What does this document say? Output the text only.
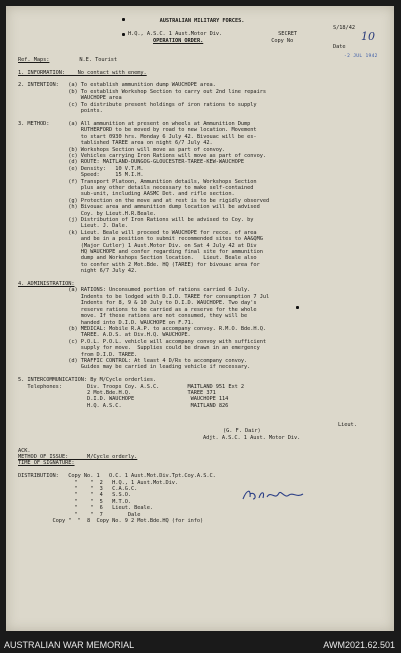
AUSTRALIAN MILITARY FORCES.
S/18/42
H.Q., A.S.C. 1 Aust.Motor Div.	SECRET
OPERATION ORDER.	Copy No
Date

Ref. Maps:	N.E. Tourist

1. INFORMATION:    No contact with enemy.

2. INTENTION:   (a) To establish ammunition dump WAUCHOPE area.
(b) To establish Workshop Section to carry out 2nd line repairs
WAUCHOPE area
(c) To distribute present holdings of iron rations to supply
points.

3. METHOD:      (a) All ammunition at present on wheels at Ammunition Dump
RUTHERFORD to be moved by road to new location. Movement
to start 0930 hrs. Monday 6 July 42. Bivouac will be es-
tablished TAREE area on night 6/7 July 42.
(b) Workshops Section will move as part of convoy.
(c) Vehicles carrying Iron Rations will move as part of convoy.
(d) ROUTE: MAITLAND-DUNGOG-GLOUCESTER-TAREE-KEW-WAUCHOPE
(e) Density:   10 V.T.M.
Speed:     15 M.I.H.
(f) Transport Platoon, Ammunition details, Workshops Section
plus any other details necessary to make self-contained
sub-unit, including AASMC Det. and rifle section.
(g) Protection on the move and at rest is to be rigidly observed
(h) Bivouac area and ammunition dump location will be advised
Coy. by Lieut.H.R.Beale.
(j) Distribution of Iron Rations will be advised to Coy. by
Lieut. J. Dale.
(k) Lieut. Beale will proceed to WAUCHOPE for recce. of area
and be in a position to submit recommended sites to AA&QMG
(Major Cutler) 1 Aust.Motor Div. on Sat 4 July 42 at Div
HQ WAUCHOPE and confer regarding final site for ammunition
dump and Workshops Section location.   Lieut. Beale also
to confer with 2 Mot.Bde. HQ (TAREE) for bivouac area for
night 6/7 July 42.

4. ADMINISTRATION:
(a) RATIONS: Unconsumed portion of rations carried 6 July.
Indents to be lodged with D.I.D. TAREE for consumption 7 Jul
Indents for 8, 9 & 10 July to D.I.D. WAUCHOPE. Two day's
reserve rations to be carried as a reserve for the whole
move. If these rations are not consumed, they will be
handed into D.I.D. WAUCHOPE on F.71.
(b) MEDICAL: Mobile R.A.P. to accompany convoy. R.M.O. Bde.H.Q.
TAREE. A.D.S. at Div.H.Q. WAUCHOPE.
(c) P.O.L. P.O.L. vehicle will accompany convoy with sufficient
supply for move.  Supplies could be drawn in an emergency
from D.I.D. TAREE.
(d) TRAFFIC CONTROL: At least 4 D/Rs to accompany convoy.
Guides may be carried in leading vehicle if necessary.

5. INTERCOMMUNICATION: By M/Cycle orderlies.
Telephones:        Div. Troops Coy. A.S.C.         MAITLAND 951 Ext 2
2 Mot.Bde.H.Q.                  TAREE 371
D.I.D. WAUCHOPE                  WAUCHOPE 114
H.Q. A.S.C.                      MAITLAND 826

Lieut.
(G. F. Dair)
Adjt. A.S.C. 1 Aust. Motor Div.

ACK.
METHOD OF ISSUE:      M/Cycle orderly.
TIME OF SIGNATURE:

DISTRIBUTION:   Copy No. 1   O.C. 1 Aust.Mot.Div.Tpt.Coy.A.S.C.
"    "  2   H.Q., 1 Aust.Mot.Div.
"    "  3   C.A.G.C.
"    "  4   S.S.O.
"    "  5   M.T.O.
"    "  6   Lieut. Beale.
"    "  7        Dale
Copy "  "  8  Copy No. 9 2 Mot.Bde.HQ (for info)
10
-2 JUL 1942
AUSTRALIAN WAR MEMORIAL	AWM2021.62.501
